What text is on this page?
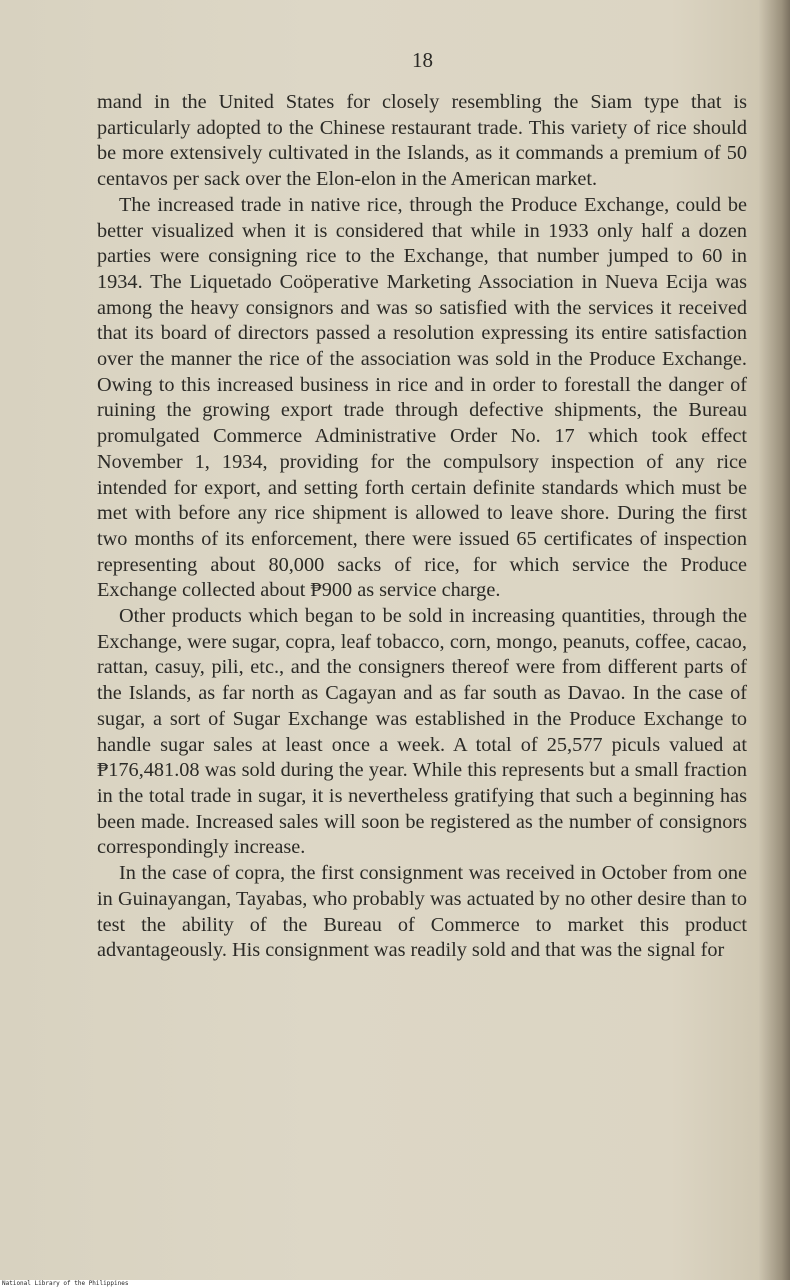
18

mand in the United States for closely resembling the Siam type that is particularly adopted to the Chinese restaurant trade. This variety of rice should be more extensively cultivated in the Islands, as it commands a premium of 50 centavos per sack over the Elon-elon in the American market.

The increased trade in native rice, through the Produce Exchange, could be better visualized when it is considered that while in 1933 only half a dozen parties were consigning rice to the Exchange, that number jumped to 60 in 1934. The Liquetado Coöperative Marketing Association in Nueva Ecija was among the heavy consignors and was so satisfied with the services it received that its board of directors passed a resolution expressing its entire satisfaction over the manner the rice of the association was sold in the Produce Exchange. Owing to this increased business in rice and in order to forestall the danger of ruining the growing export trade through defective shipments, the Bureau promulgated Commerce Administrative Order No. 17 which took effect November 1, 1934, providing for the compulsory inspection of any rice intended for export, and setting forth certain definite standards which must be met with before any rice shipment is allowed to leave shore. During the first two months of its enforcement, there were issued 65 certificates of inspection representing about 80,000 sacks of rice, for which service the Produce Exchange collected about ₱900 as service charge.

Other products which began to be sold in increasing quantities, through the Exchange, were sugar, copra, leaf tobacco, corn, mongo, peanuts, coffee, cacao, rattan, casuy, pili, etc., and the consigners thereof were from different parts of the Islands, as far north as Cagayan and as far south as Davao. In the case of sugar, a sort of Sugar Exchange was established in the Produce Exchange to handle sugar sales at least once a week. A total of 25,577 piculs valued at ₱176,481.08 was sold during the year. While this represents but a small fraction in the total trade in sugar, it is nevertheless gratifying that such a beginning has been made. Increased sales will soon be registered as the number of consignors correspondingly increase.

In the case of copra, the first consignment was received in October from one in Guinayangan, Tayabas, who probably was actuated by no other desire than to test the ability of the Bureau of Commerce to market this product advantageously. His consignment was readily sold and that was the signal for

National Library of the Philippines
